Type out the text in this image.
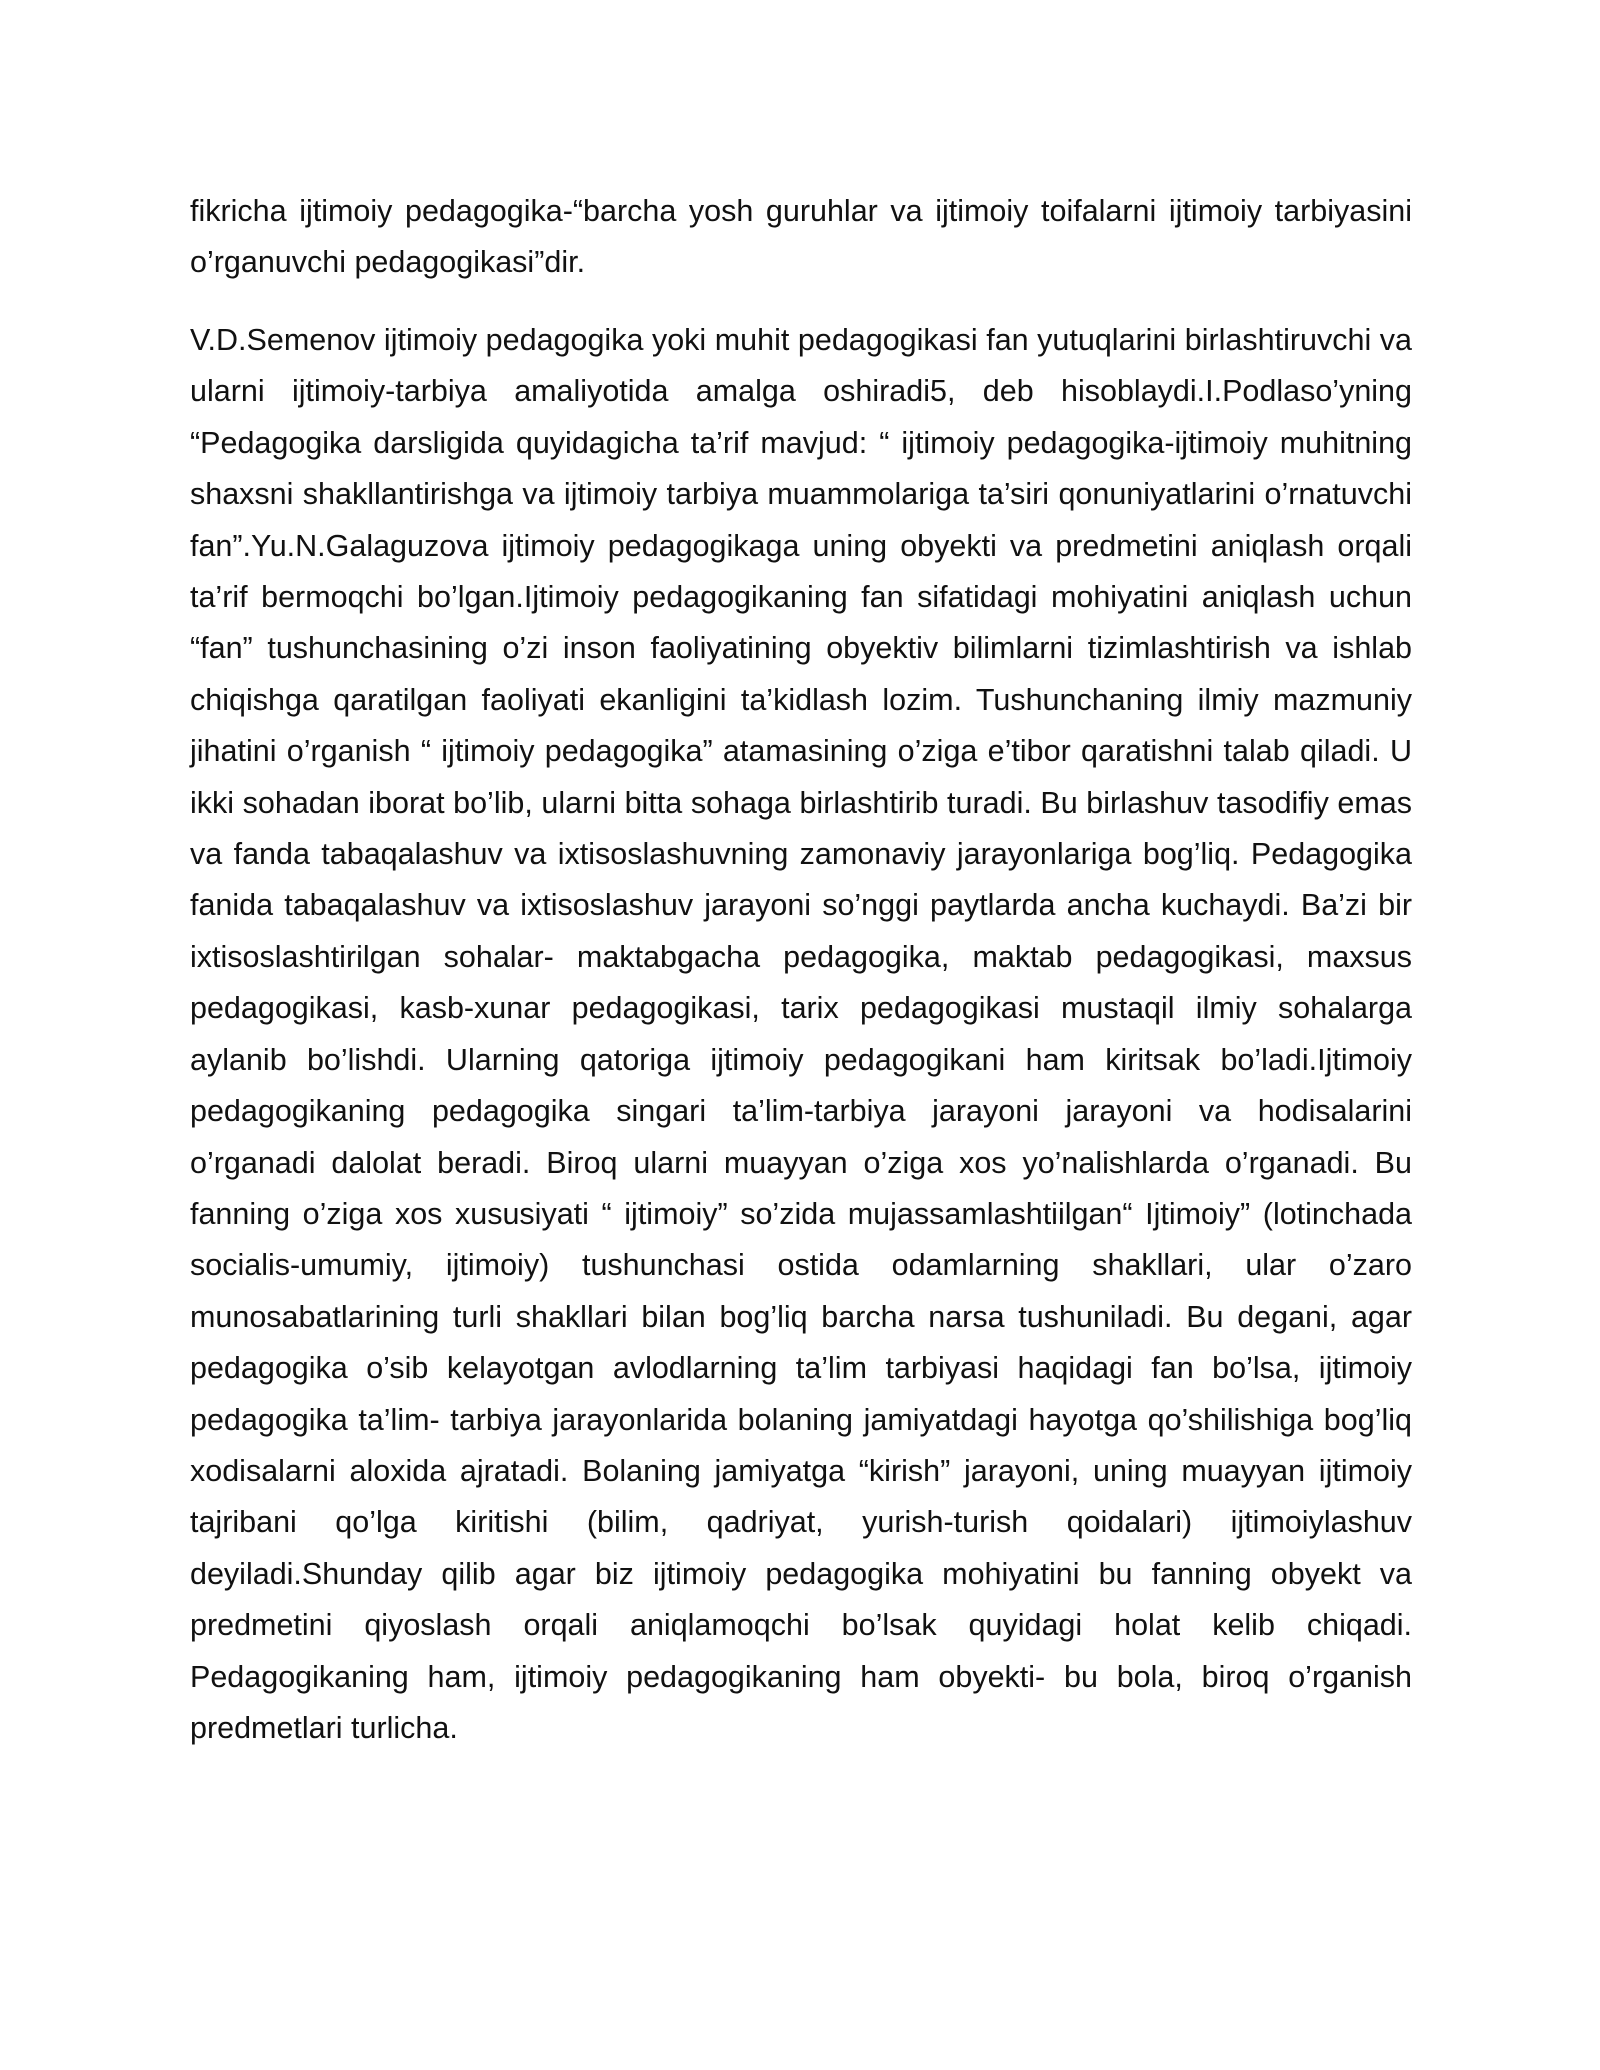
fikricha ijtimoiy pedagogika-“barcha yosh guruhlar va ijtimoiy toifalarni ijtimoiy tarbiyasini o’rganuvchi pedagogikasi”dir.

V.D.Semenov ijtimoiy pedagogika yoki muhit pedagogikasi fan yutuqlarini birlashtiruvchi va ularni ijtimoiy-tarbiya amaliyotida amalga oshiradi5, deb hisoblaydi.I.Podlaso’yning “Pedagogika darsligida quyidagicha ta’rif mavjud: “ ijtimoiy pedagogika-ijtimoiy muhitning shaxsni shakllantirishga va ijtimoiy tarbiya muammolariga ta’siri qonuniyatlarini o’rnatuvchi fan”.Yu.N.Galaguzova ijtimoiy pedagogikaga uning obyekti va predmetini aniqlash orqali ta’rif bermoqchi bo’lgan.Ijtimoiy pedagogikaning fan sifatidagi mohiyatini aniqlash uchun “fan” tushunchasining o’zi inson faoliyatining obyektiv bilimlarni tizimlashtirish va ishlab chiqishga qaratilgan faoliyati ekanligini ta’kidlash lozim. Tushunchaning ilmiy mazmuniy jihatini o’rganish “ ijtimoiy pedagogika” atamasining o’ziga e’tibor qaratishni talab qiladi. U ikki sohadan iborat bo’lib, ularni bitta sohaga birlashtirib turadi. Bu birlashuv tasodifiy emas va fanda tabaqalashuv va ixtisoslashuvning zamonaviy jarayonlariga bog’liq. Pedagogika fanida tabaqalashuv va ixtisoslashuv jarayoni so’nggi paytlarda ancha kuchaydi. Ba’zi bir ixtisoslashtirilgan sohalar- maktabgacha pedagogika, maktab pedagogikasi, maxsus pedagogikasi, kasb-xunar pedagogikasi, tarix pedagogikasi mustaqil ilmiy sohalarga aylanib bo’lishdi. Ularning qatoriga ijtimoiy pedagogikani ham kiritsak bo’ladi.Ijtimoiy pedagogikaning pedagogika singari ta’lim-tarbiya jarayoni jarayoni va hodisalarini o’rganadi dalolat beradi. Biroq ularni muayyan o’ziga xos yo’nalishlarda o’rganadi. Bu fanning o’ziga xos xususiyati “ ijtimoiy” so’zida mujassamlashtiilgan“ Ijtimoiy” (lotinchada socialis-umumiy, ijtimoiy) tushunchasi ostida odamlarning shakllari, ular o’zaro munosabatlarining turli shakllari bilan bog’liq barcha narsa tushuniladi. Bu degani, agar pedagogika o’sib kelayotgan avlodlarning ta’lim tarbiyasi haqidagi fan bo’lsa, ijtimoiy pedagogika ta’lim- tarbiya jarayonlarida bolaning jamiyatdagi hayotga qo’shilishiga bog’liq xodisalarni aloxida ajratadi. Bolaning jamiyatga “kirish” jarayoni, uning muayyan ijtimoiy tajribani qo’lga kiritishi (bilim, qadriyat, yurish-turish qoidalari) ijtimoiylashuv deyiladi.Shunday qilib agar biz ijtimoiy pedagogika mohiyatini bu fanning obyekt va predmetini qiyoslash orqali aniqlamoqchi bo’lsak quyidagi holat kelib chiqadi. Pedagogikaning ham, ijtimoiy pedagogikaning ham obyekti- bu bola, biroq o’rganish predmetlari turlicha.
